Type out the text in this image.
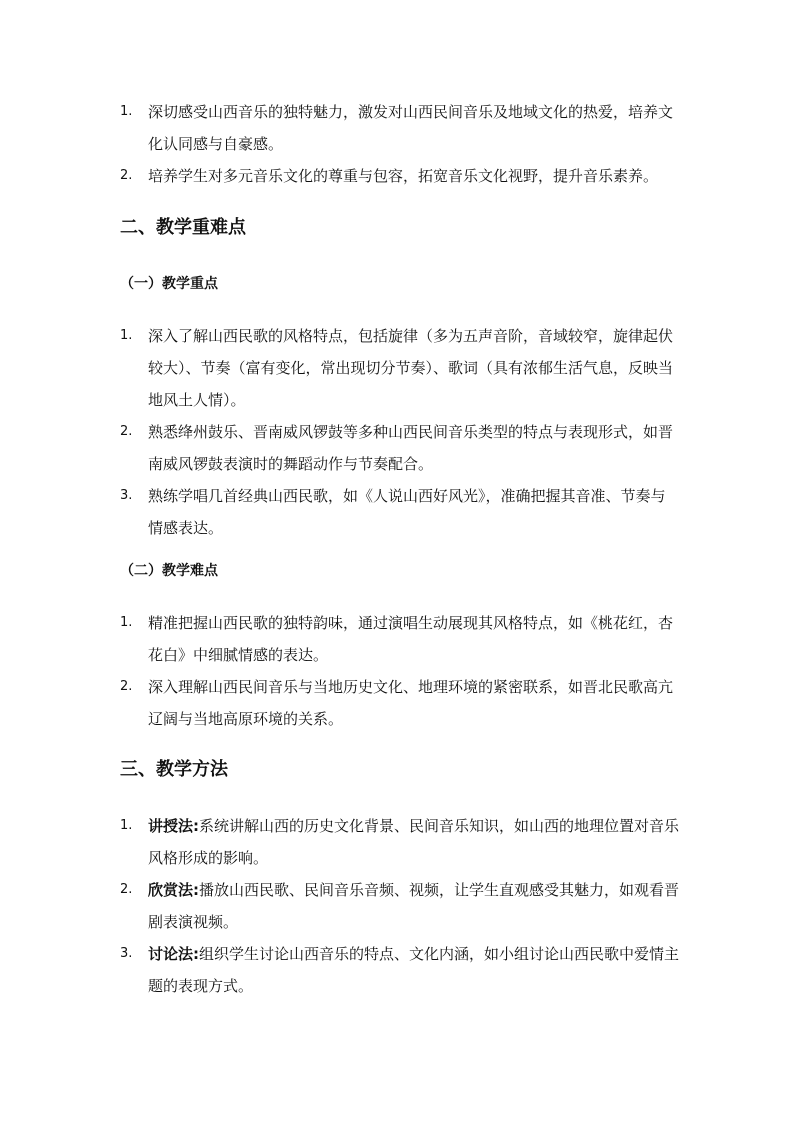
1.	深切感受山西音乐的独特魅力，激发对山西民间音乐及地域文化的热爱，培养文化认同感与自豪感。

2.	培养学生对多元音乐文化的尊重与包容，拓宽音乐文化视野，提升音乐素养。

二、教学重难点
（一）教学重点

1.	深入了解山西民歌的风格特点，包括旋律（多为五声音阶，音域较窄，旋律起伏较大）、节奏（富有变化，常出现切分节奏）、歌词（具有浓郁生活气息，反映当地风土人情）。

2.	熟悉绛州鼓乐、晋南威风锣鼓等多种山西民间音乐类型的特点与表现形式，如晋南威风锣鼓表演时的舞蹈动作与节奏配合。

3.	熟练学唱几首经典山西民歌，如《人说山西好风光》，准确把握其音准、节奏与情感表达。

（二）教学难点

1.	精准把握山西民歌的独特韵味，通过演唱生动展现其风格特点，如《桃花红，杏花白》中细腻情感的表达。

2.	深入理解山西民间音乐与当地历史文化、地理环境的紧密联系，如晋北民歌高亢辽阔与当地高原环境的关系。

三、教学方法

1.	讲授法:系统讲解山西的历史文化背景、民间音乐知识，如山西的地理位置对音乐风格形成的影响。

2.	欣赏法:播放山西民歌、民间音乐音频、视频，让学生直观感受其魅力，如观看晋剧表演视频。

3.	讨论法:组织学生讨论山西音乐的特点、文化内涵，如小组讨论山西民歌中爱情主题的表现方式。
